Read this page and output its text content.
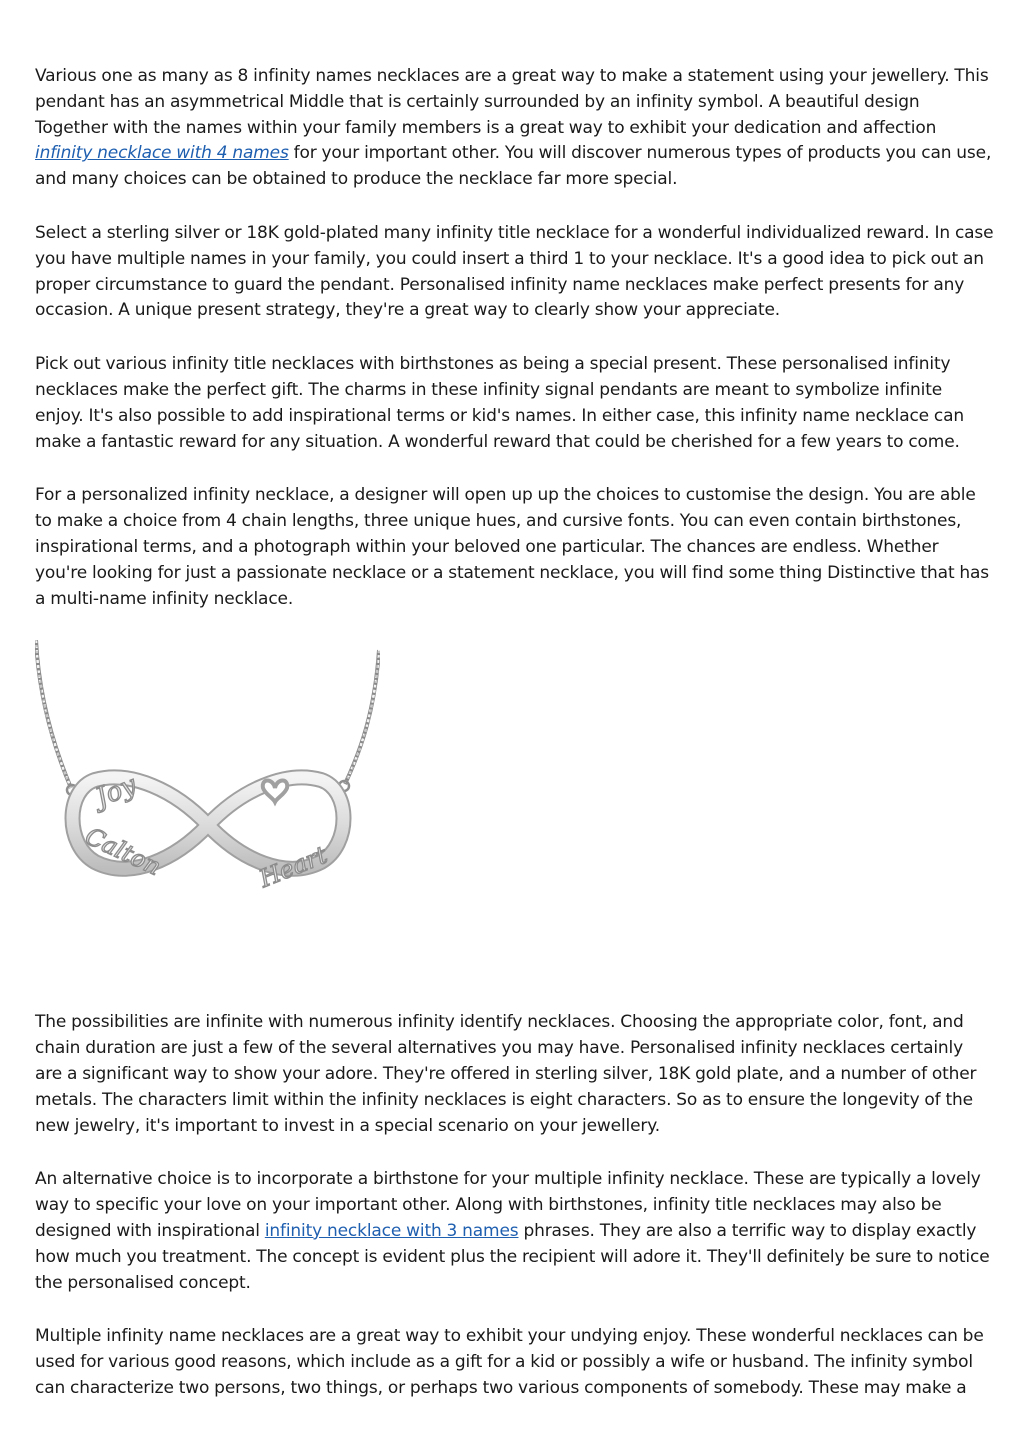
Various one as many as 8 infinity names necklaces are a great way to make a statement using your jewellery. This pendant has an asymmetrical Middle that is certainly surrounded by an infinity symbol. A beautiful design Together with the names within your family members is a great way to exhibit your dedication and affection infinity necklace with 4 names for your important other. You will discover numerous types of products you can use, and many choices can be obtained to produce the necklace far more special.

Select a sterling silver or 18K gold-plated many infinity title necklace for a wonderful individualized reward. In case you have multiple names in your family, you could insert a third 1 to your necklace. It's a good idea to pick out an proper circumstance to guard the pendant. Personalised infinity name necklaces make perfect presents for any occasion. A unique present strategy, they're a great way to clearly show your appreciate.

Pick out various infinity title necklaces with birthstones as being a special present. These personalised infinity necklaces make the perfect gift. The charms in these infinity signal pendants are meant to symbolize infinite enjoy. It's also possible to add inspirational terms or kid's names. In either case, this infinity name necklace can make a fantastic reward for any situation. A wonderful reward that could be cherished for a few years to come.

For a personalized infinity necklace, a designer will open up up the choices to customise the design. You are able to make a choice from 4 chain lengths, three unique hues, and cursive fonts. You can even contain birthstones, inspirational terms, and a photograph within your beloved one particular. The chances are endless. Whether you're looking for just a passionate necklace or a statement necklace, you will find some thing Distinctive that has a multi-name infinity necklace.

Joy
Calton	Heart

The possibilities are infinite with numerous infinity identify necklaces. Choosing the appropriate color, font, and chain duration are just a few of the several alternatives you may have. Personalised infinity necklaces certainly are a significant way to show your adore. They're offered in sterling silver, 18K gold plate, and a number of other metals. The characters limit within the infinity necklaces is eight characters. So as to ensure the longevity of the new jewelry, it's important to invest in a special scenario on your jewellery.

An alternative choice is to incorporate a birthstone for your multiple infinity necklace. These are typically a lovely way to specific your love on your important other. Along with birthstones, infinity title necklaces may also be designed with inspirational infinity necklace with 3 names phrases. They are also a terrific way to display exactly how much you treatment. The concept is evident plus the recipient will adore it. They'll definitely be sure to notice the personalised concept.

Multiple infinity name necklaces are a great way to exhibit your undying enjoy. These wonderful necklaces can be used for various good reasons, which include as a gift for a kid or possibly a wife or husband. The infinity symbol can characterize two persons, two things, or perhaps two various components of somebody. These may make a
